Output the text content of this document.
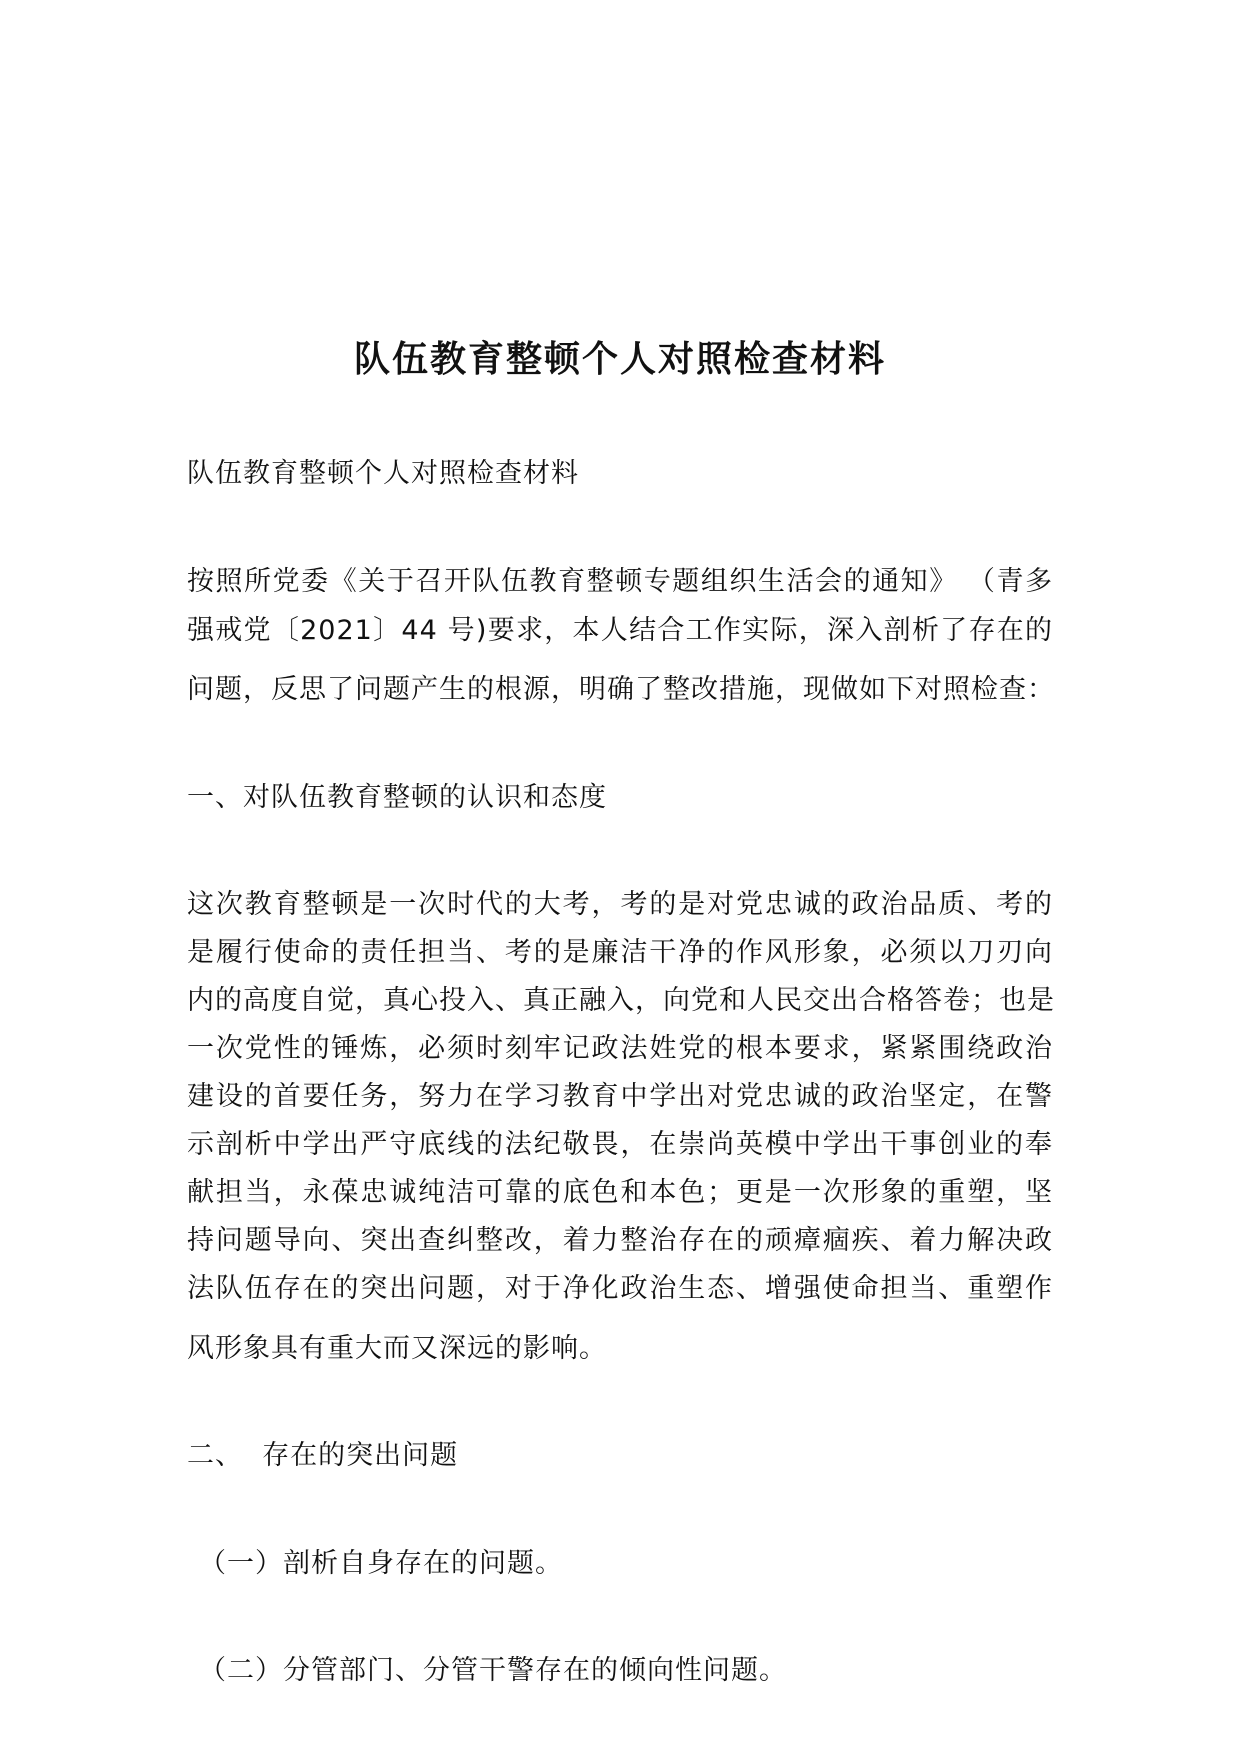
队伍教育整顿个人对照检查材料
队伍教育整顿个人对照检查材料
按照所党委《关于召开队伍教育整顿专题组织生活会的通知》 （青多
强戒党〔2021〕44 号)要求，本人结合工作实际，深入剖析了存在的
问题，反思了问题产生的根源，明确了整改措施，现做如下对照检查：
一、对队伍教育整顿的认识和态度
这次教育整顿是一次时代的大考，考的是对党忠诚的政治品质、考的
是履行使命的责任担当、考的是廉洁干净的作风形象，必须以刀刃向
内的高度自觉，真心投入、真正融入，向党和人民交出合格答卷；也是
一次党性的锤炼，必须时刻牢记政法姓党的根本要求，紧紧围绕政治
建设的首要任务，努力在学习教育中学出对党忠诚的政治坚定，在警
示剖析中学出严守底线的法纪敬畏，在崇尚英模中学出干事创业的奉
献担当，永葆忠诚纯洁可靠的底色和本色；更是一次形象的重塑，坚
持问题导向、突出查纠整改，着力整治存在的顽瘴痼疾、着力解决政
法队伍存在的突出问题，对于净化政治生态、增强使命担当、重塑作
风形象具有重大而又深远的影响。
二、  存在的突出问题
（一）剖析自身存在的问题。
（二）分管部门、分管干警存在的倾向性问题。
